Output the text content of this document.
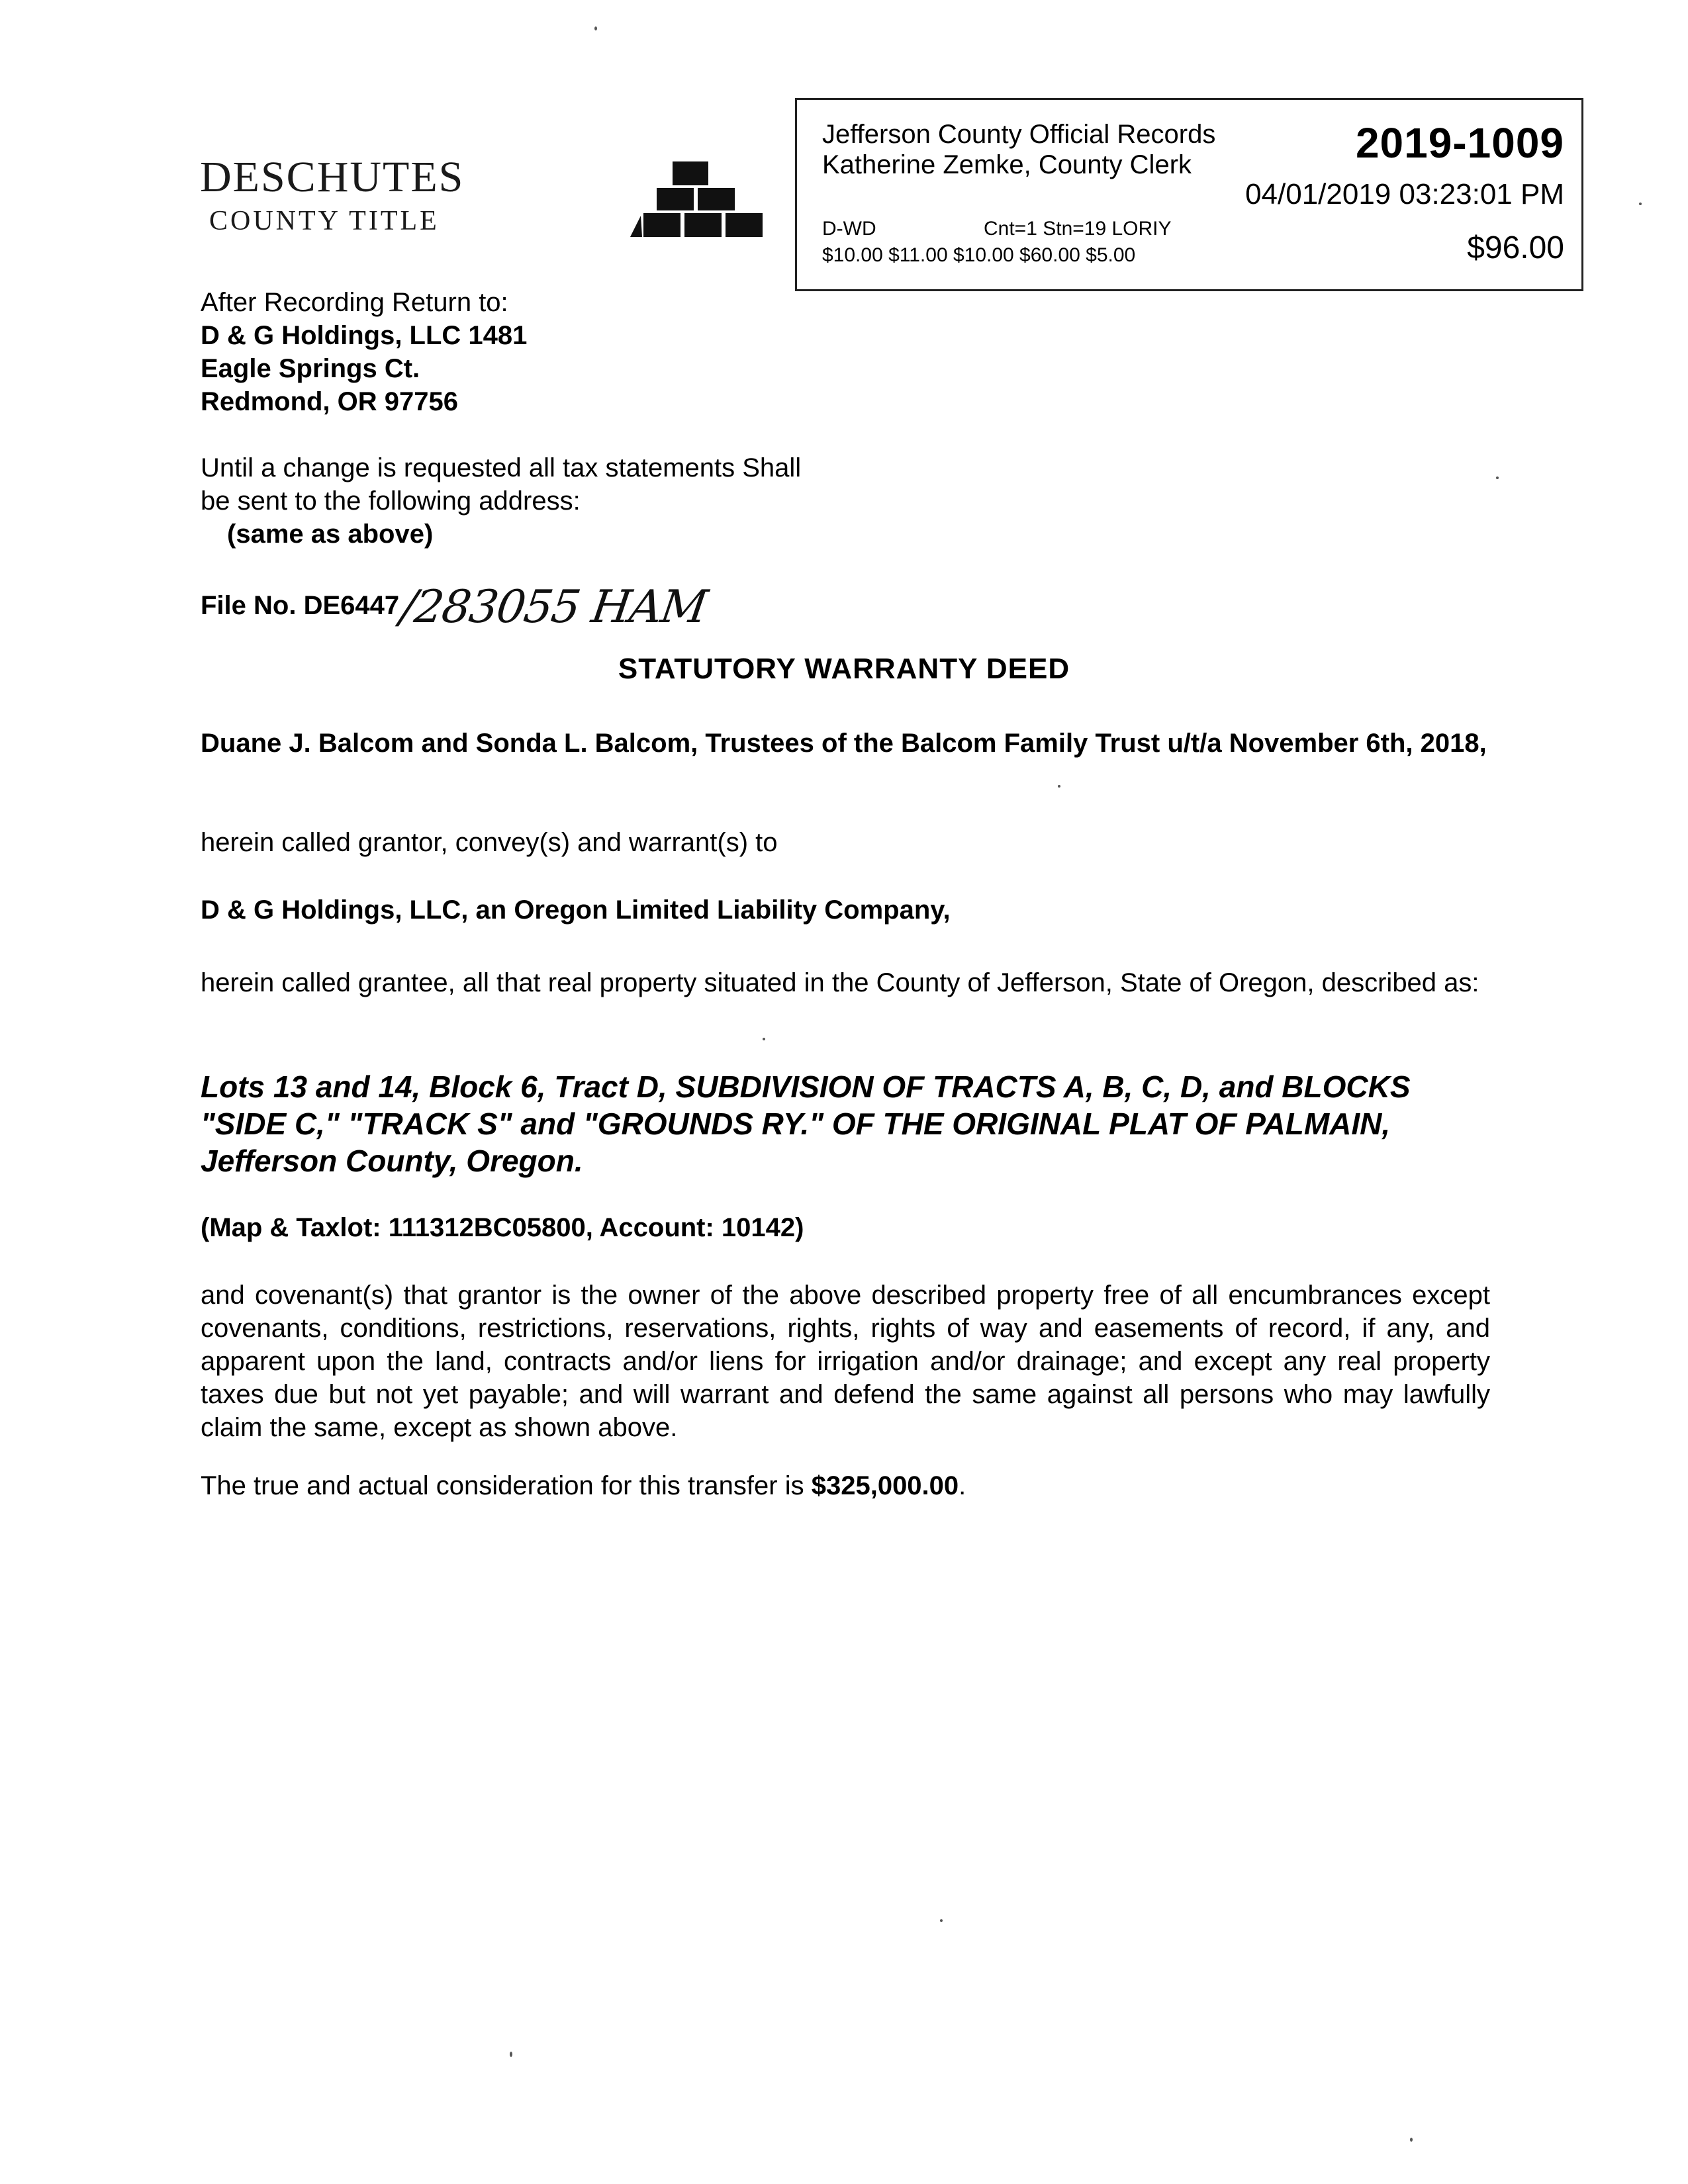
DESCHUTES
COUNTY TITLE
Jefferson County Official Records
Katherine Zemke, County Clerk	2019-1009
04/01/2019 03:23:01 PM
D-WD	Cnt=1 Stn=19 LORIY
$10.00 $11.00 $10.00 $60.00 $5.00	$96.00
After Recording Return to:
D & G Holdings, LLC 1481
Eagle Springs Ct.
Redmond, OR 97756
Until a change is requested all tax statements Shall
be sent to the following address:
(same as above)
File No. DE6447
/283055 HAM
STATUTORY WARRANTY DEED
Duane J. Balcom and Sonda L. Balcom, Trustees of the Balcom Family Trust u/t/a November 6th, 2018,
herein called grantor, convey(s) and warrant(s) to
D & G Holdings, LLC, an Oregon Limited Liability Company,
herein called grantee, all that real property situated in the County of Jefferson, State of Oregon, described as:
Lots 13 and 14, Block 6, Tract D, SUBDIVISION OF TRACTS A, B, C, D, and BLOCKS
"SIDE C," "TRACK S" and "GROUNDS RY." OF THE ORIGINAL PLAT OF PALMAIN,
Jefferson County, Oregon.
(Map & Taxlot: 111312BC05800, Account: 10142)
and covenant(s) that grantor is the owner of the above described property free of all encumbrances except covenants, conditions, restrictions, reservations, rights, rights of way and easements of record, if any, and apparent upon the land, contracts and/or liens for irrigation and/or drainage; and except any real property taxes due but not yet payable; and will warrant and defend the same against all persons who may lawfully claim the same, except as shown above.
The true and actual consideration for this transfer is $325,000.00.
